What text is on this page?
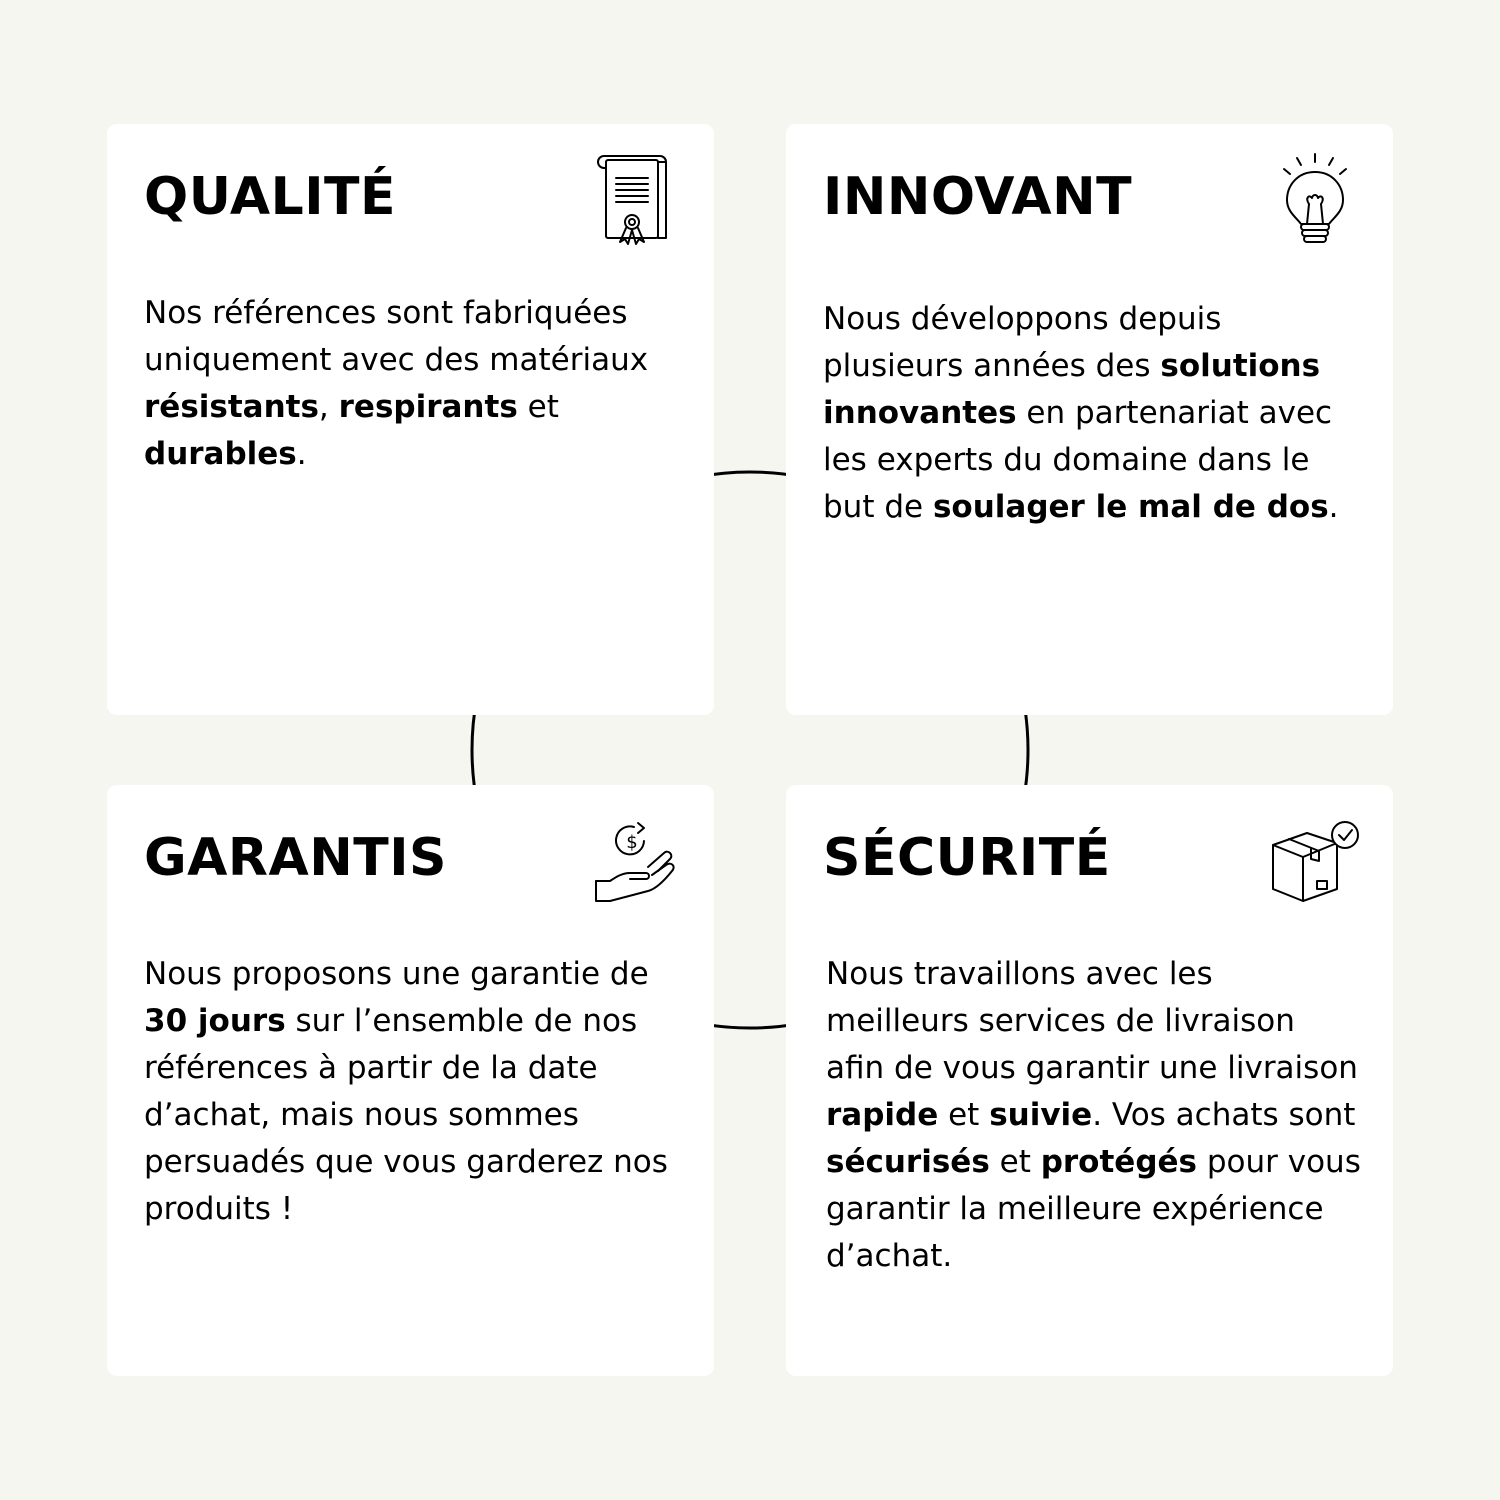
QUALITÉ

Nos références sont fabriquées uniquement avec des matériaux résistants, respirants et durables.

INNOVANT

Nous développons depuis plusieurs années des solutions innovantes en partenariat avec les experts du domaine dans le but de soulager le mal de dos.

GARANTIS	$

Nous proposons une garantie de 30 jours sur l’ensemble de nos références à partir de la date d’achat, mais nous sommes persuadés que vous garderez nos produits !

SÉCURITÉ

Nous travaillons avec les meilleurs services de livraison afin de vous garantir une livraison rapide et suivie. Vos achats sont sécurisés et protégés pour vous garantir la meilleure expérience d’achat.
